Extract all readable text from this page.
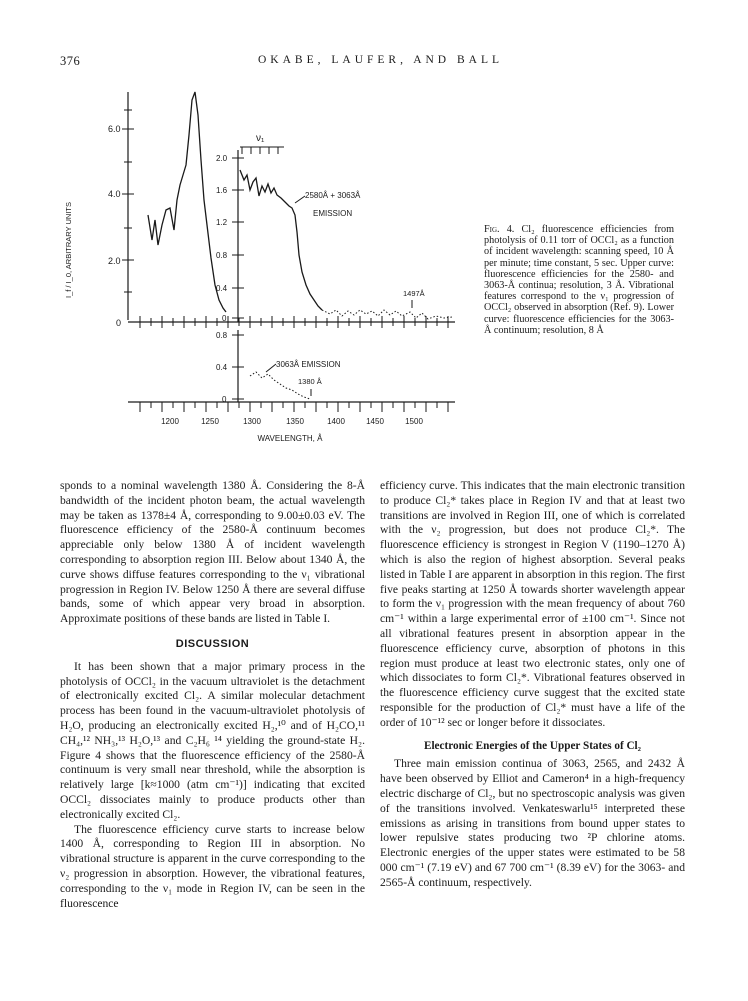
376	OKABE, LAUFER, AND BALL
I_f / I_0, ARBITRARY UNITS
6.0
4.0
2.0
0
2.0
1.6
1.2
0.8
0.4
0
ν₁
2580Å + 3063Å
EMISSION
1497Å
0.8
0.4
0
3063Å EMISSION
1380 Å
1200	1250	1300	1350	1400	1450	1500
WAVELENGTH, Å
Fig. 4. Cl₂ fluorescence efficiencies from photolysis of 0.11 torr of OCCl₂ as a function of incident wavelength: scanning speed, 10 Å per minute; time constant, 5 sec. Upper curve: fluorescence efficiencies for the 2580- and 3063-Å continua; resolution, 3 Å. Vibrational features correspond to the ν₁ progression of OCCl₂ observed in absorption (Ref. 9). Lower curve: fluorescence efficiencies for the 3063-Å continuum; resolution, 8 Å

sponds to a nominal wavelength 1380 Å. Considering the 8-Å bandwidth of the incident photon beam, the actual wavelength may be taken as 1378±4 Å, corresponding to 9.00±0.03 eV. The fluorescence efficiency of the 2580-Å continuum becomes appreciable only below 1380 Å of incident wavelength corresponding to absorption region III. Below about 1340 Å, the curve shows diffuse features corresponding to the ν₁ vibrational progression in Region IV. Below 1250 Å there are several diffuse bands, some of which appear very broad in absorption. Approximate positions of these bands are listed in Table I.

DISCUSSION

It has been shown that a major primary process in the photolysis of OCCl₂ in the vacuum ultraviolet is the detachment of electronically excited Cl₂. A similar molecular detachment process has been found in the vacuum-ultraviolet photolysis of H₂O, producing an electronically excited H₂,¹⁰ and of H₂CO,¹¹ CH₄,¹² NH₃,¹³ H₂O,¹³ and C₂H₆ ¹⁴ yielding the ground-state H₂. Figure 4 shows that the fluorescence efficiency of the 2580-Å continuum is very small near threshold, while the absorption is relatively large [k≈1000 (atm cm⁻¹)] indicating that excited OCCl₂ dissociates mainly to produce products other than electronically excited Cl₂.

The fluorescence efficiency curve starts to increase below 1400 Å, corresponding to Region III in absorption. No vibrational structure is apparent in the curve corresponding to the ν₂ progression in absorption. However, the vibrational features, corresponding to the ν₁ mode in Region IV, can be seen in the fluorescence

efficiency curve. This indicates that the main electronic transition to produce Cl₂* takes place in Region IV and that at least two transitions are involved in Region III, one of which is correlated with the ν₂ progression, but does not produce Cl₂*. The fluorescence efficiency is strongest in Region V (1190–1270 Å) which is also the region of highest absorption. Several peaks listed in Table I are apparent in absorption in this region. The first five peaks starting at 1250 Å towards shorter wavelength appear to form the ν₁ progression with the mean frequency of about 760 cm⁻¹ within a large experimental error of ±100 cm⁻¹. Since not all vibrational features present in absorption appear in the fluorescence efficiency curve, absorption of photons in this region must produce at least two electronic states, only one of which dissociates to form Cl₂*. Vibrational features observed in the fluorescence efficiency curve suggest that the excited state responsible for the production of Cl₂* must have a life of the order of 10⁻¹² sec or longer before it dissociates.

Electronic Energies of the Upper States of Cl₂

Three main emission continua of 3063, 2565, and 2432 Å have been observed by Elliot and Cameron⁴ in a high-frequency electric discharge of Cl₂, but no spectroscopic analysis was given of the transitions involved. Venkateswarlu¹⁵ interpreted these emissions as arising in transitions from bound upper states to lower repulsive states producing two ²P chlorine atoms. Electronic energies of the upper states were estimated to be 58 000 cm⁻¹ (7.19 eV) and 67 700 cm⁻¹ (8.39 eV) for the 3063- and 2565-Å continuum, respectively.
